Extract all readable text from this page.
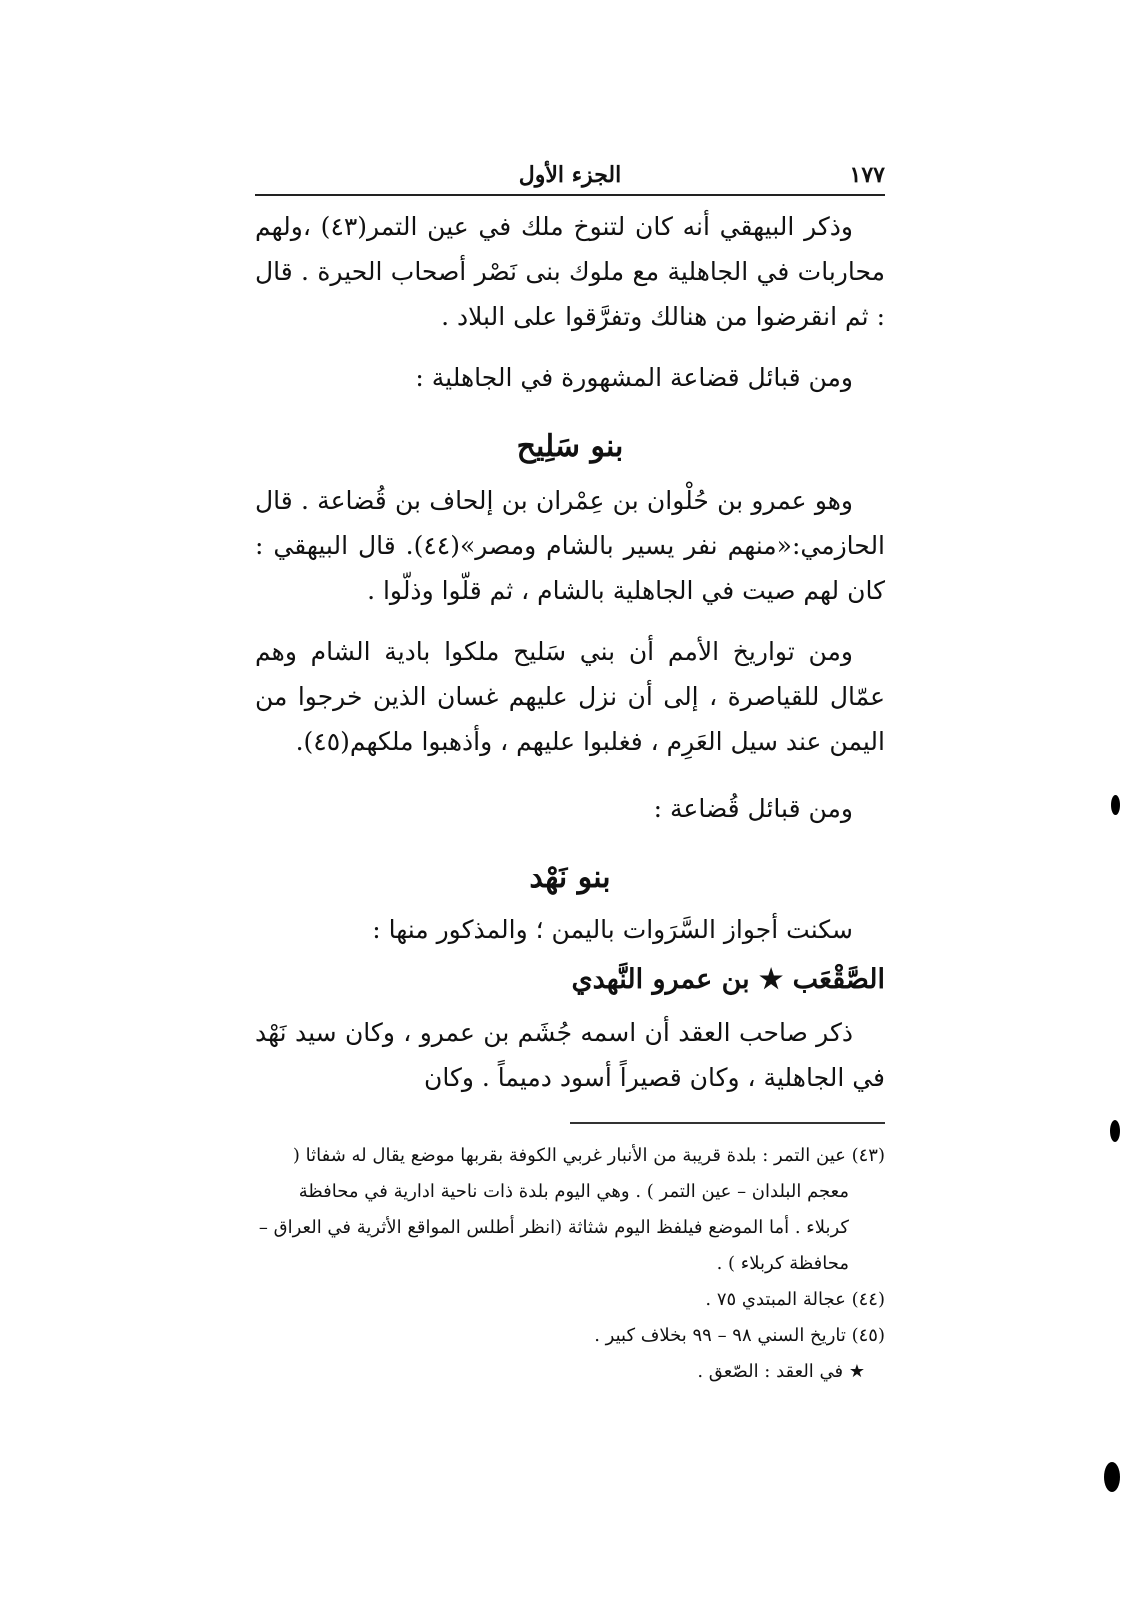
١٧٧
الجزء الأول

وذكر البيهقي أنه كان لتنوخ ملك في عين التمر(٤٣) ،ولهم محاربات في الجاهلية مع ملوك بنى نَصْر أصحاب الحيرة . قال : ثم انقرضوا من هنالك وتفرَّقوا على البلاد .

ومن قبائل قضاعة المشهورة في الجاهلية :

بنو سَلِيح

وهو عمرو بن حُلْوان بن عِمْران بن إلحاف بن قُضاعة . قال الحازمي:«منهم نفر يسير بالشام ومصر»(٤٤). قال البيهقي : كان لهم صيت في الجاهلية بالشام ، ثم قلّوا وذلّوا .

ومن تواريخ الأمم أن بني سَليح ملكوا بادية الشام وهم عمّال للقياصرة ، إلى أن نزل عليهم غسان الذين خرجوا من اليمن عند سيل العَرِم ، فغلبوا عليهم ، وأذهبوا ملكهم(٤٥).

ومن قبائل قُضاعة :

بنو نَهْد

سكنت أجواز السَّرَوات باليمن ؛ والمذكور منها :

الصَّقْعَب ★ بن عمرو النَّهدي

ذكر صاحب العقد أن اسمه جُشَم بن عمرو ، وكان سيد نَهْد في الجاهلية ، وكان قصيراً أسود دميماً . وكان

(٤٣) عين التمر : بلدة قريبة من الأنبار غربي الكوفة بقربها موضع يقال له شفاثا ( معجم البلدان – عين التمر ) . وهي اليوم بلدة ذات ناحية ادارية في محافظة كربلاء . أما الموضع فيلفظ اليوم شثاثة (انظر أطلس المواقع الأثرية في العراق – محافظة كربلاء ) .

(٤٤) عجالة المبتدي ٧٥ .

(٤٥) تاريخ السني ٩٨ – ٩٩ بخلاف كبير .

★ في العقد : الصّعق .
